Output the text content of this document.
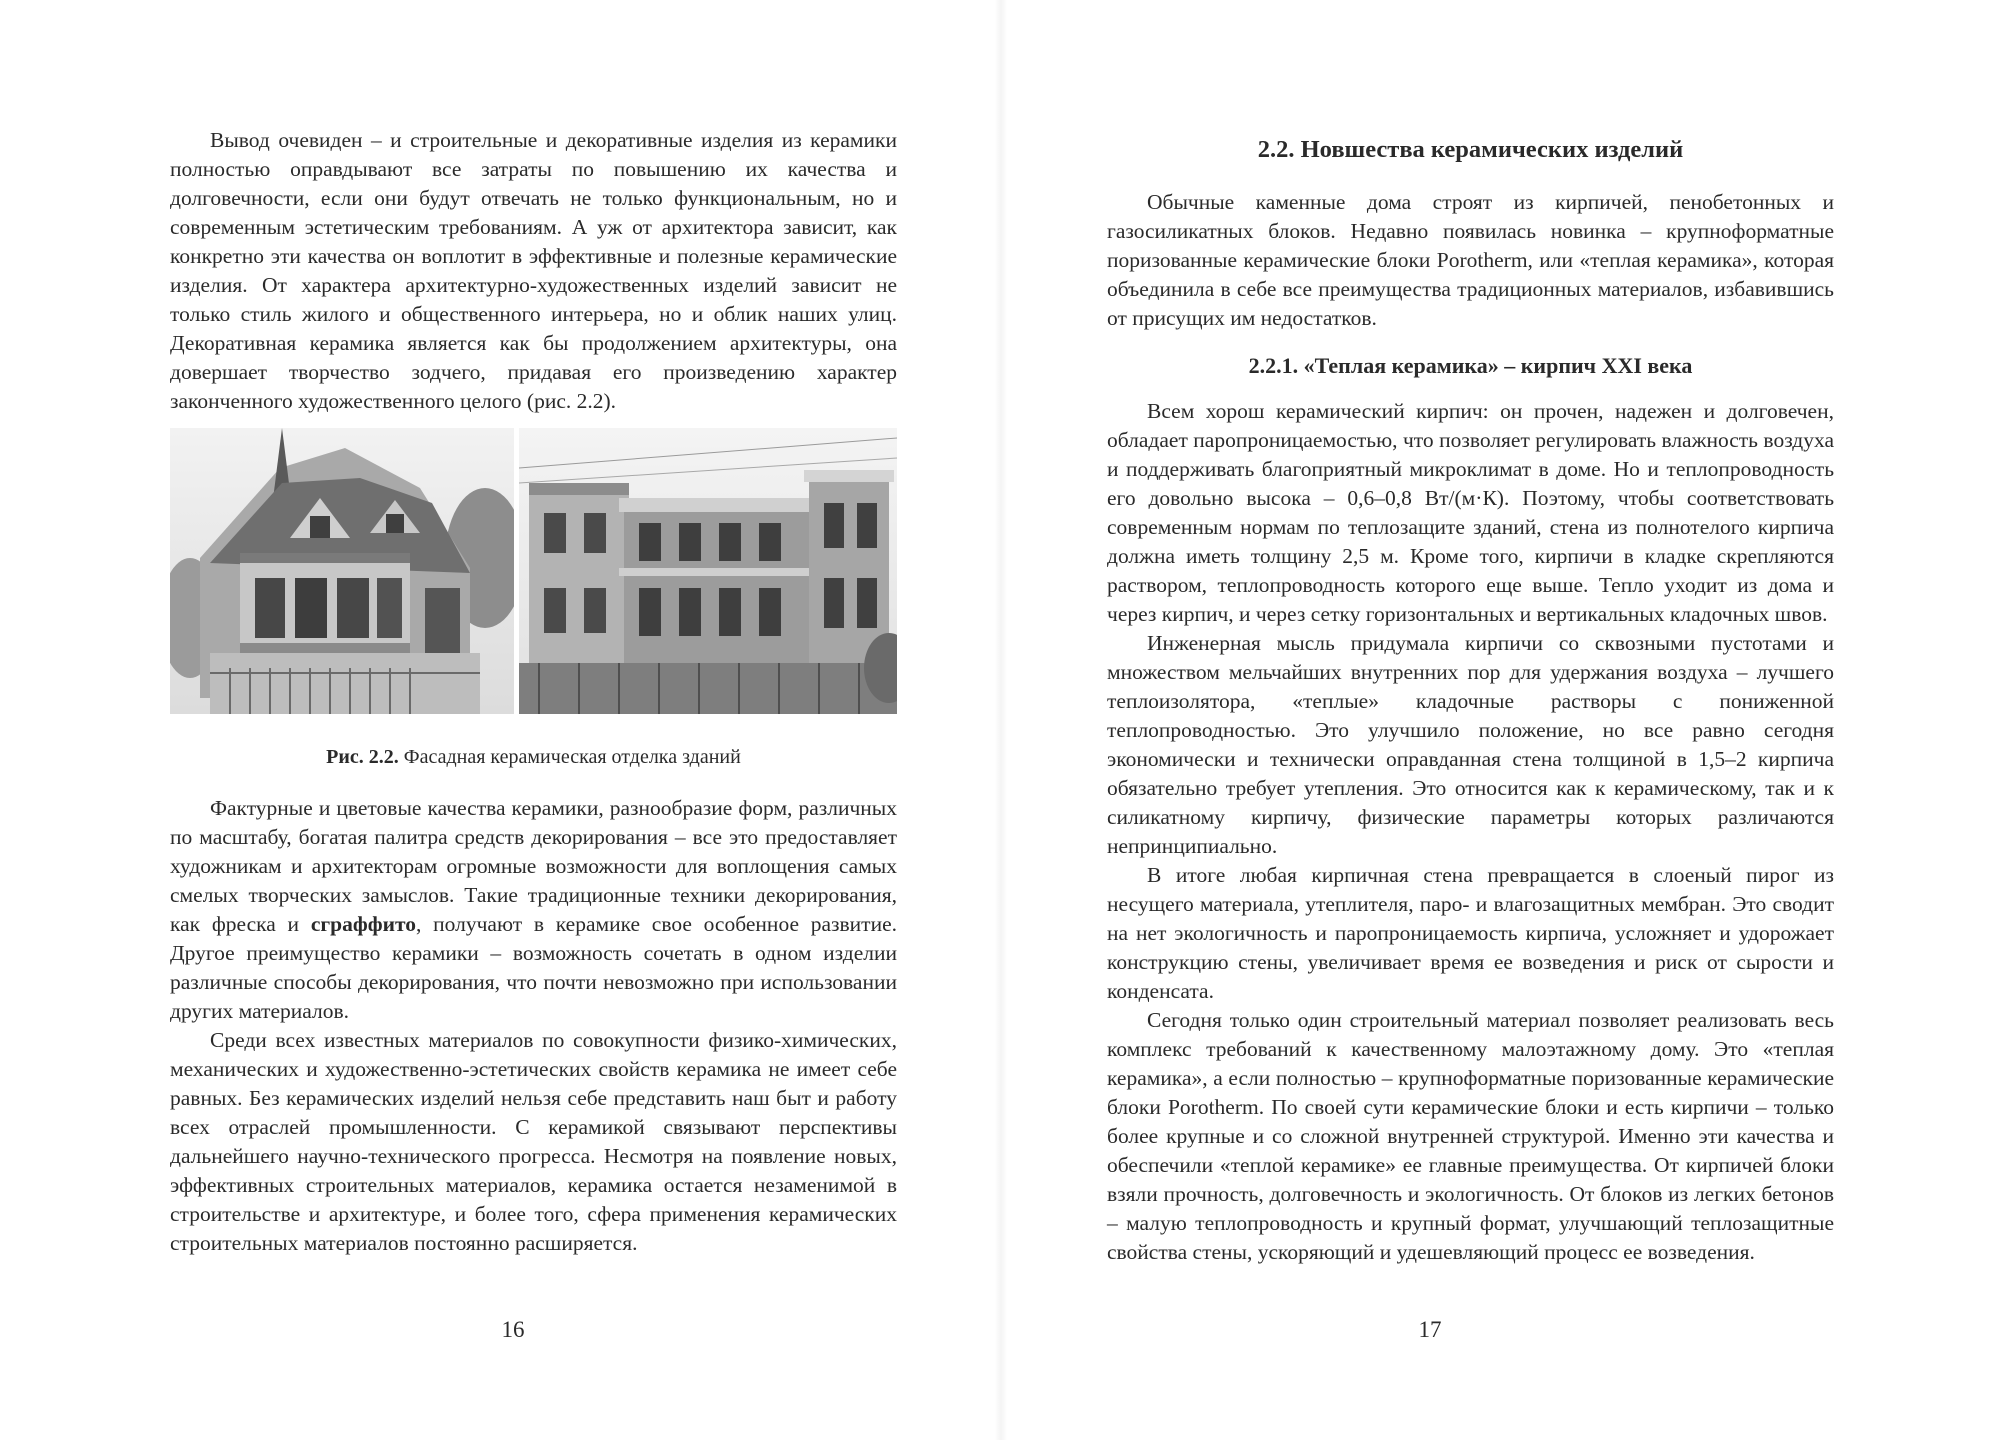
Вывод очевиден – и строительные и декоративные изделия из керамики полностью оправдывают все затраты по повышению их качества и долговечности, если они будут отвечать не только функциональным, но и современным эстетическим требованиям. А уж от архитектора зависит, как конкретно эти качества он воплотит в эффективные и полезные керамические изделия. От характера архитектурно-художественных изделий зависит не только стиль жилого и общественного интерьера, но и облик наших улиц. Декоративная керамика является как бы продолжением архитектуры, она довершает творчество зодчего, придавая его произведению характер законченного художественного целого (рис. 2.2).

Рис. 2.2. Фасадная керамическая отделка зданий

Фактурные и цветовые качества керамики, разнообразие форм, различных по масштабу, богатая палитра средств декорирования – все это предоставляет художникам и архитекторам огромные возможности для воплощения самых смелых творческих замыслов. Такие традиционные техники декорирования, как фреска и сграффито, получают в керамике свое особенное развитие. Другое преимущество керамики – возможность сочетать в одном изделии различные способы декорирования, что почти невозможно при использовании других материалов.

Среди всех известных материалов по совокупности физико-химических, механических и художественно-эстетических свойств керамика не имеет себе равных. Без керамических изделий нельзя себе представить наш быт и работу всех отраслей промышленности. С керамикой связывают перспективы дальнейшего научно-технического прогресса. Несмотря на появление новых, эффективных строительных материалов, керамика остается незаменимой в строительстве и архитектуре, и более того, сфера применения керамических строительных материалов постоянно расширяется.

16
2.2. Новшества керамических изделий

Обычные каменные дома строят из кирпичей, пенобетонных и газосиликатных блоков. Недавно появилась новинка – крупноформатные поризованные керамические блоки Porotherm, или «теплая керамика», которая объединила в себе все преимущества традиционных материалов, избавившись от присущих им недостатков.

2.2.1. «Теплая керамика» – кирпич XXI века

Всем хорош керамический кирпич: он прочен, надежен и долговечен, обладает паропроницаемостью, что позволяет регулировать влажность воздуха и поддерживать благоприятный микроклимат в доме. Но и теплопроводность его довольно высока – 0,6–0,8 Вт/(м·К). Поэтому, чтобы соответствовать современным нормам по теплозащите зданий, стена из полнотелого кирпича должна иметь толщину 2,5 м. Кроме того, кирпичи в кладке скрепляются раствором, теплопроводность которого еще выше. Тепло уходит из дома и через кирпич, и через сетку горизонтальных и вертикальных кладочных швов.

Инженерная мысль придумала кирпичи со сквозными пустотами и множеством мельчайших внутренних пор для удержания воздуха – лучшего теплоизолятора, «теплые» кладочные растворы с пониженной теплопроводностью. Это улучшило положение, но все равно сегодня экономически и технически оправданная стена толщиной в 1,5–2 кирпича обязательно требует утепления. Это относится как к керамическому, так и к силикатному кирпичу, физические параметры которых различаются непринципиально.

В итоге любая кирпичная стена превращается в слоеный пирог из несущего материала, утеплителя, паро- и влагозащитных мембран. Это сводит на нет экологичность и паропроницаемость кирпича, усложняет и удорожает конструкцию стены, увеличивает время ее возведения и риск от сырости и конденсата.

Сегодня только один строительный материал позволяет реализовать весь комплекс требований к качественному малоэтажному дому. Это «теплая керамика», а если полностью – крупноформатные поризованные керамические блоки Porotherm. По своей сути керамические блоки и есть кирпичи – только более крупные и со сложной внутренней структурой. Именно эти качества и обеспечили «теплой керамике» ее главные преимущества. От кирпичей блоки взяли прочность, долговечность и экологичность. От блоков из легких бетонов – малую теплопроводность и крупный формат, улучшающий теплозащитные свойства стены, ускоряющий и удешевляющий процесс ее возведения.

17
